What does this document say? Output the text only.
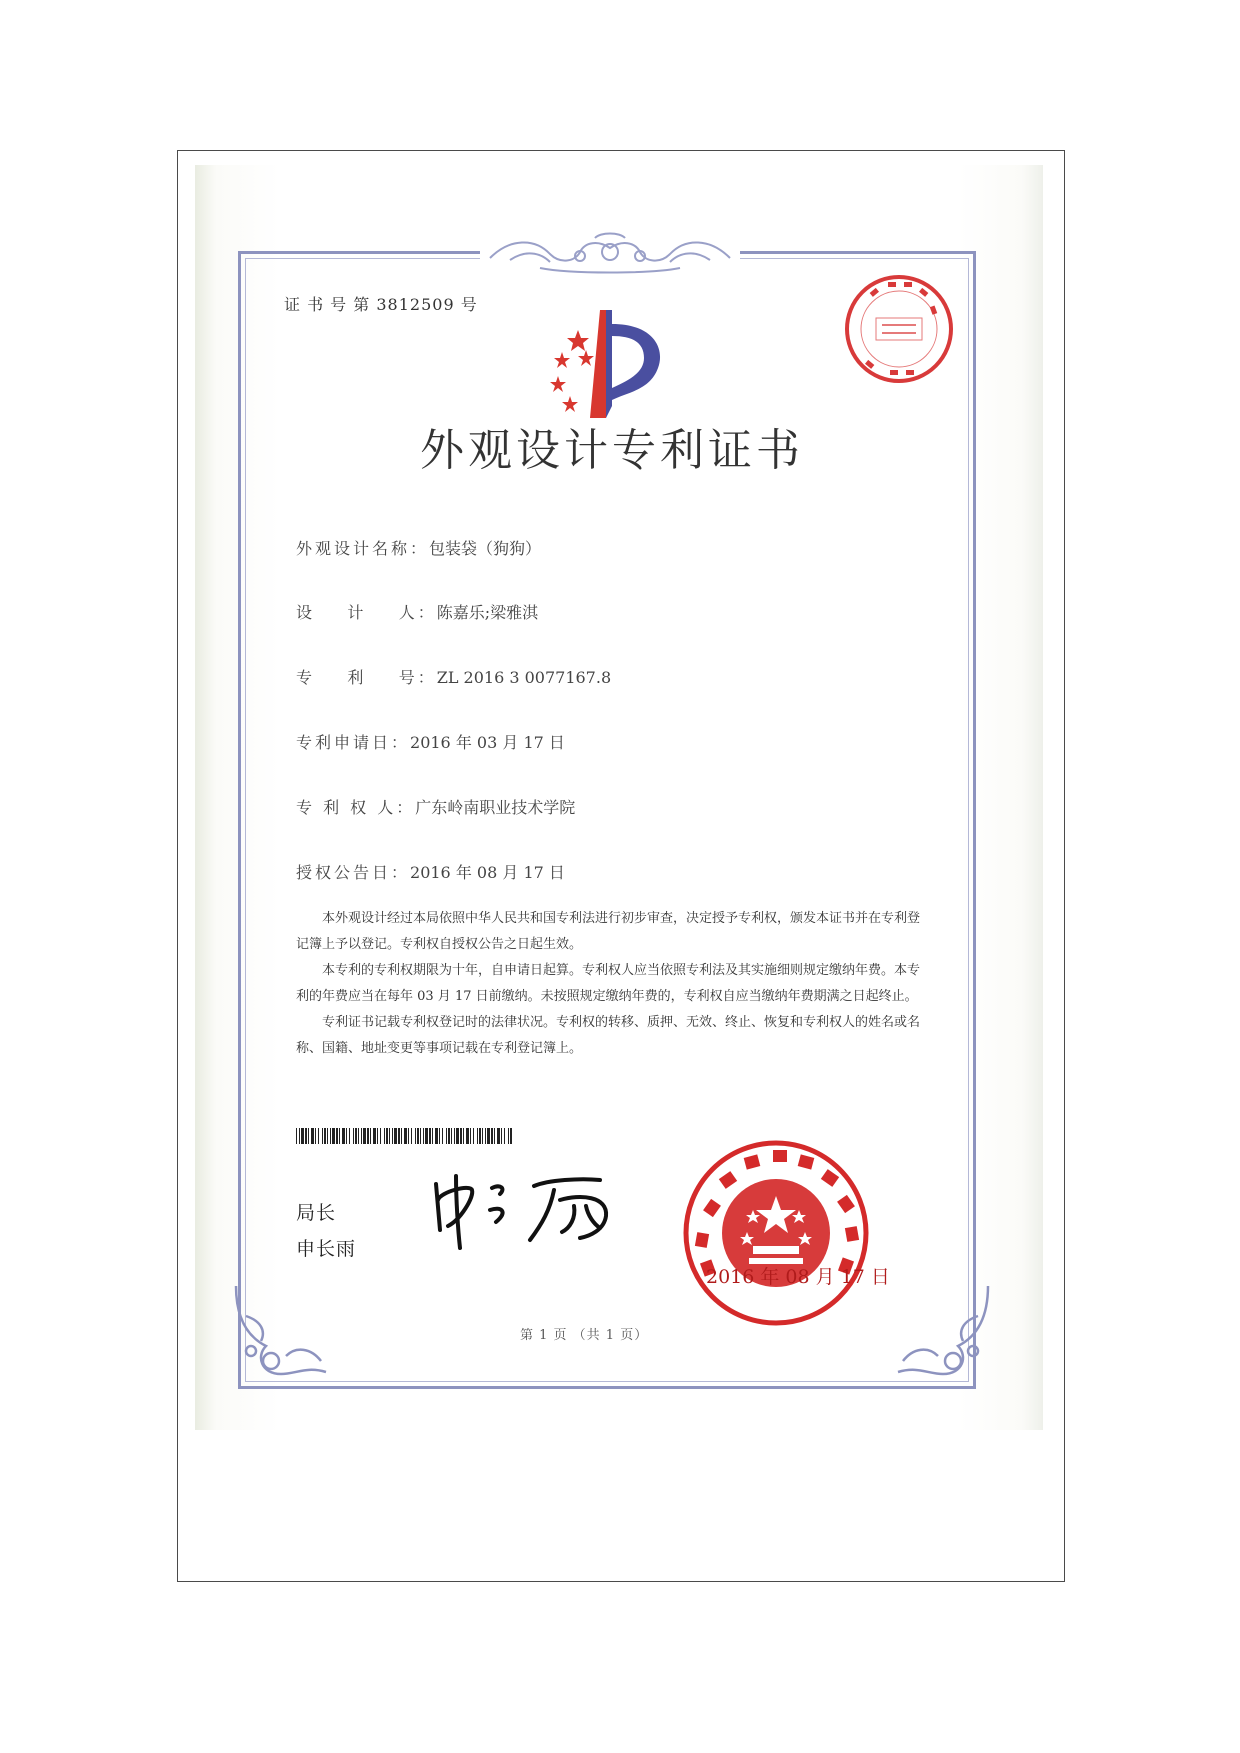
证 书 号 第 3812509 号
外观设计专利证书
外观设计名称：包装袋（狗狗）
设    计    人：陈嘉乐;梁雅淇
专    利    号：ZL 2016 3 0077167.8
专利申请日：2016 年 03 月 17 日
专 利 权 人：广东岭南职业技术学院
授权公告日：2016 年 08 月 17 日

本外观设计经过本局依照中华人民共和国专利法进行初步审查，决定授予专利权，颁发本证书并在专利登记簿上予以登记。专利权自授权公告之日起生效。

本专利的专利权期限为十年，自申请日起算。专利权人应当依照专利法及其实施细则规定缴纳年费。本专利的年费应当在每年 03 月 17 日前缴纳。未按照规定缴纳年费的，专利权自应当缴纳年费期满之日起终止。

专利证书记载专利权登记时的法律状况。专利权的转移、质押、无效、终止、恢复和专利权人的姓名或名称、国籍、地址变更等事项记载在专利登记簿上。

局长
申长雨
2016 年 08 月 17 日
第 1 页 （共 1 页）
